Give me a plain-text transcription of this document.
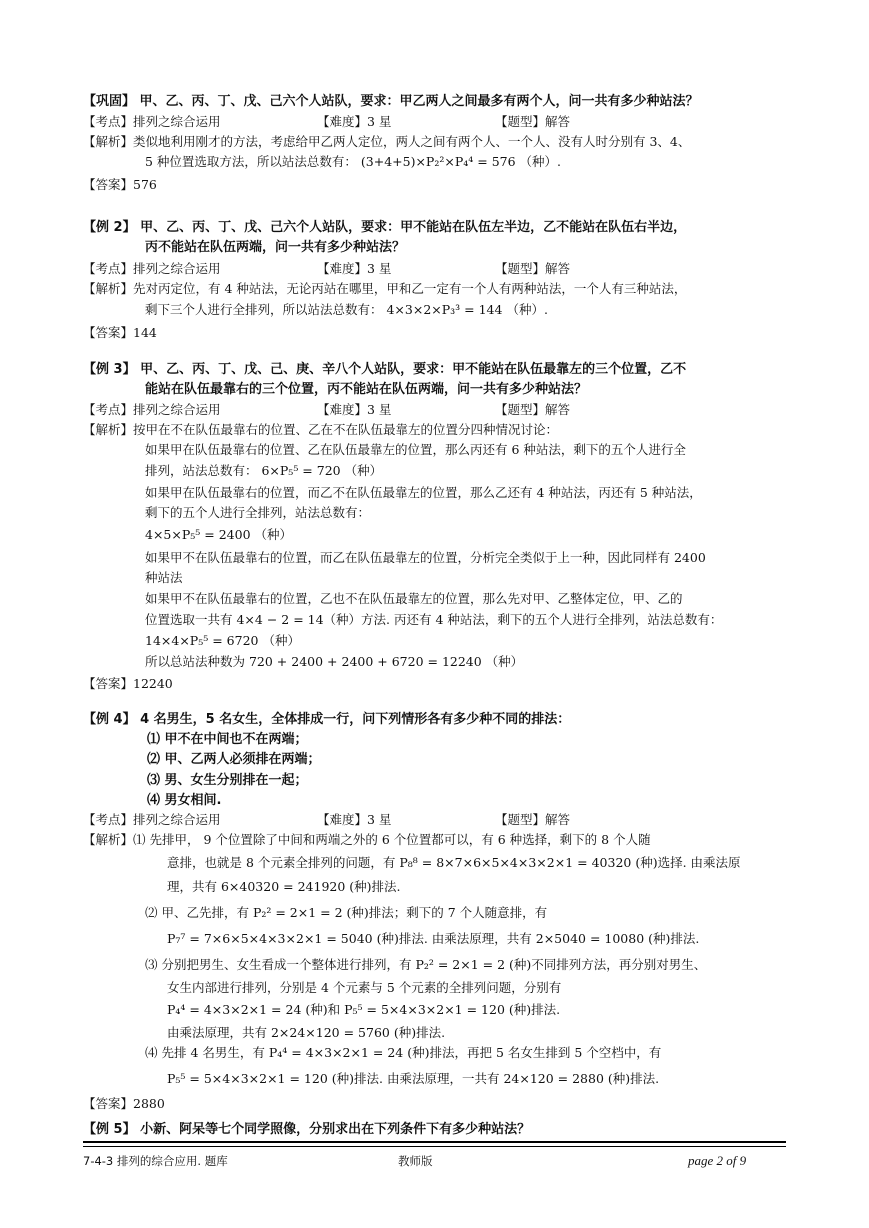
【巩固】 甲、乙、丙、丁、戊、己六个人站队，要求：甲乙两人之间最多有两个人，问一共有多少种站法？
【考点】排列之综合运用	【难度】3 星	【题型】解答
【解析】类似地利用刚才的方法，考虑给甲乙两人定位，两人之间有两个人、一个人、没有人时分别有 3、4、
5 种位置选取方法，所以站法总数有： (3+4+5)×P₂²×P₄⁴ = 576 （种）.
【答案】576
【例 2】 甲、乙、丙、丁、戊、己六个人站队，要求：甲不能站在队伍左半边，乙不能站在队伍右半边，
丙不能站在队伍两端，问一共有多少种站法？
【考点】排列之综合运用	【难度】3 星	【题型】解答
【解析】先对丙定位，有 4 种站法，无论丙站在哪里，甲和乙一定有一个人有两种站法，一个人有三种站法，
剩下三个人进行全排列，所以站法总数有： 4×3×2×P₃³ = 144 （种）.
【答案】144
【例 3】 甲、乙、丙、丁、戊、己、庚、辛八个人站队，要求：甲不能站在队伍最靠左的三个位置，乙不
能站在队伍最靠右的三个位置，丙不能站在队伍两端，问一共有多少种站法？
【考点】排列之综合运用	【难度】3 星	【题型】解答
【解析】按甲在不在队伍最靠右的位置、乙在不在队伍最靠左的位置分四种情况讨论：
如果甲在队伍最靠右的位置、乙在队伍最靠左的位置，那么丙还有 6 种站法，剩下的五个人进行全
排列，站法总数有： 6×P₅⁵ = 720 （种）
如果甲在队伍最靠右的位置，而乙不在队伍最靠左的位置，那么乙还有 4 种站法，丙还有 5 种站法，
剩下的五个人进行全排列，站法总数有：
4×5×P₅⁵ = 2400 （种）
如果甲不在队伍最靠右的位置，而乙在队伍最靠左的位置，分析完全类似于上一种，因此同样有 2400
种站法
如果甲不在队伍最靠右的位置，乙也不在队伍最靠左的位置，那么先对甲、乙整体定位，甲、乙的
位置选取一共有 4×4 − 2 = 14（种）方法. 丙还有 4 种站法，剩下的五个人进行全排列，站法总数有：
14×4×P₅⁵ = 6720 （种）
所以总站法种数为 720 + 2400 + 2400 + 6720 = 12240 （种）
【答案】12240
【例 4】 4 名男生，5 名女生，全体排成一行，问下列情形各有多少种不同的排法：
⑴ 甲不在中间也不在两端；
⑵ 甲、乙两人必须排在两端；
⑶ 男、女生分别排在一起；
⑷ 男女相间.
【考点】排列之综合运用	【难度】3 星	【题型】解答
【解析】⑴ 先排甲， 9 个位置除了中间和两端之外的 6 个位置都可以，有 6 种选择，剩下的 8 个人随
意排，也就是 8 个元素全排列的问题，有 P₈⁸ = 8×7×6×5×4×3×2×1 = 40320 (种)选择. 由乘法原
理，共有 6×40320 = 241920 (种)排法.
⑵ 甲、乙先排，有 P₂² = 2×1 = 2 (种)排法；剩下的 7 个人随意排，有
P₇⁷ = 7×6×5×4×3×2×1 = 5040 (种)排法. 由乘法原理，共有 2×5040 = 10080 (种)排法.
⑶ 分别把男生、女生看成一个整体进行排列，有 P₂² = 2×1 = 2 (种)不同排列方法，再分别对男生、
女生内部进行排列，分别是 4 个元素与 5 个元素的全排列问题，分别有
P₄⁴ = 4×3×2×1 = 24 (种)和 P₅⁵ = 5×4×3×2×1 = 120 (种)排法.
由乘法原理，共有 2×24×120 = 5760 (种)排法.
⑷ 先排 4 名男生，有 P₄⁴ = 4×3×2×1 = 24 (种)排法，再把 5 名女生排到 5 个空档中，有
P₅⁵ = 5×4×3×2×1 = 120 (种)排法. 由乘法原理，一共有 24×120 = 2880 (种)排法.
【答案】2880
【例 5】 小新、阿呆等七个同学照像，分别求出在下列条件下有多少种站法？
7-4-3 排列的综合应用. 题库	教师版	page 2 of 9
